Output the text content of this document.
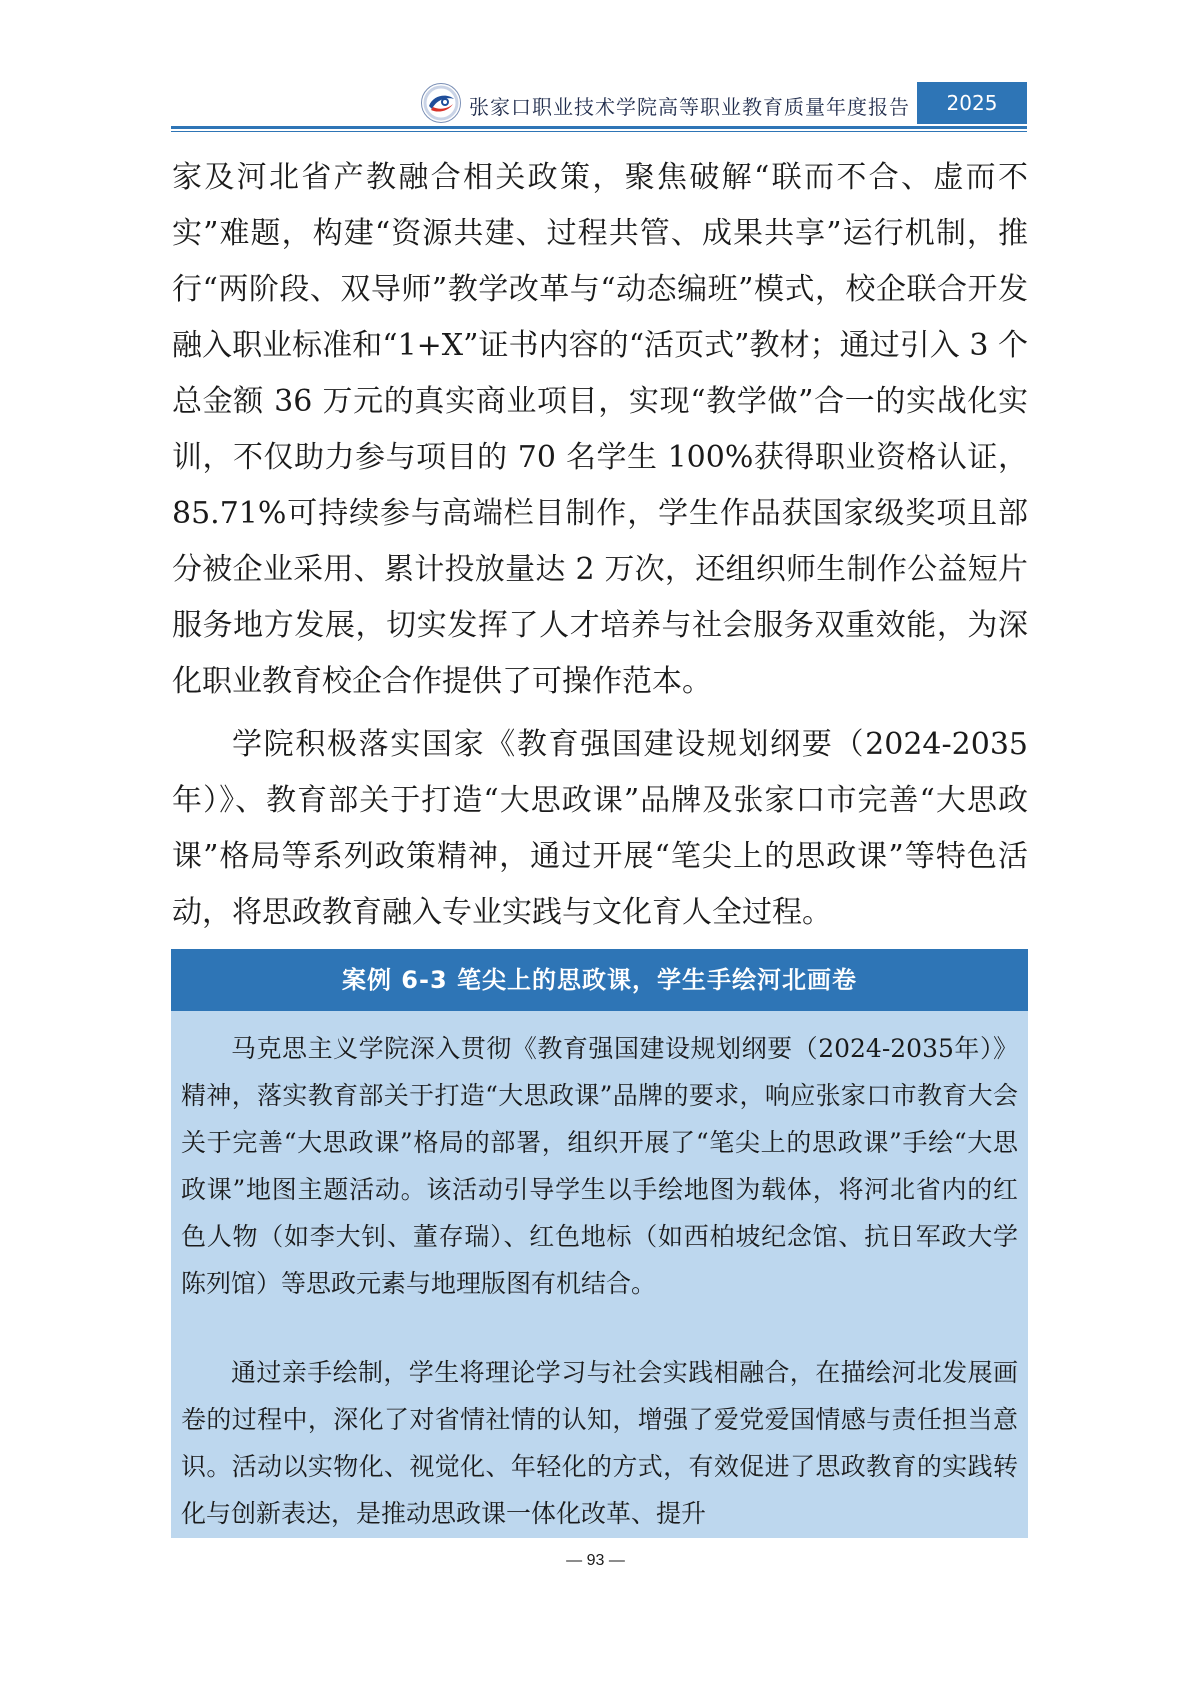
张家口职业技术学院高等职业教育质量年度报告	2025

家及河北省产教融合相关政策，聚焦破解“联而不合、虚而不实”难题，构建“资源共建、过程共管、成果共享”运行机制，推行“两阶段、双导师”教学改革与“动态编班”模式，校企联合开发融入职业标准和“1+X”证书内容的“活页式”教材；通过引入 3 个总金额 36 万元的真实商业项目，实现“教学做”合一的实战化实训，不仅助力参与项目的 70 名学生 100%获得职业资格认证，85.71%可持续参与高端栏目制作，学生作品获国家级奖项且部分被企业采用、累计投放量达 2 万次，还组织师生制作公益短片服务地方发展，切实发挥了人才培养与社会服务双重效能，为深化职业教育校企合作提供了可操作范本。

学院积极落实国家《教育强国建设规划纲要（2024-2035年）》、教育部关于打造“大思政课”品牌及张家口市完善“大思政课”格局等系列政策精神，通过开展“笔尖上的思政课”等特色活动，将思政教育融入专业实践与文化育人全过程。

案例 6-3 笔尖上的思政课，学生手绘河北画卷

马克思主义学院深入贯彻《教育强国建设规划纲要（2024-2035年）》精神，落实教育部关于打造“大思政课”品牌的要求，响应张家口市教育大会关于完善“大思政课”格局的部署，组织开展了“笔尖上的思政课”手绘“大思政课”地图主题活动。该活动引导学生以手绘地图为载体，将河北省内的红色人物（如李大钊、董存瑞）、红色地标（如西柏坡纪念馆、抗日军政大学陈列馆）等思政元素与地理版图有机结合。

通过亲手绘制，学生将理论学习与社会实践相融合，在描绘河北发展画卷的过程中，深化了对省情社情的认知，增强了爱党爱国情感与责任担当意识。活动以实物化、视觉化、年轻化的方式，有效促进了思政教育的实践转化与创新表达，是推动思政课一体化改革、提升

— 93 —
